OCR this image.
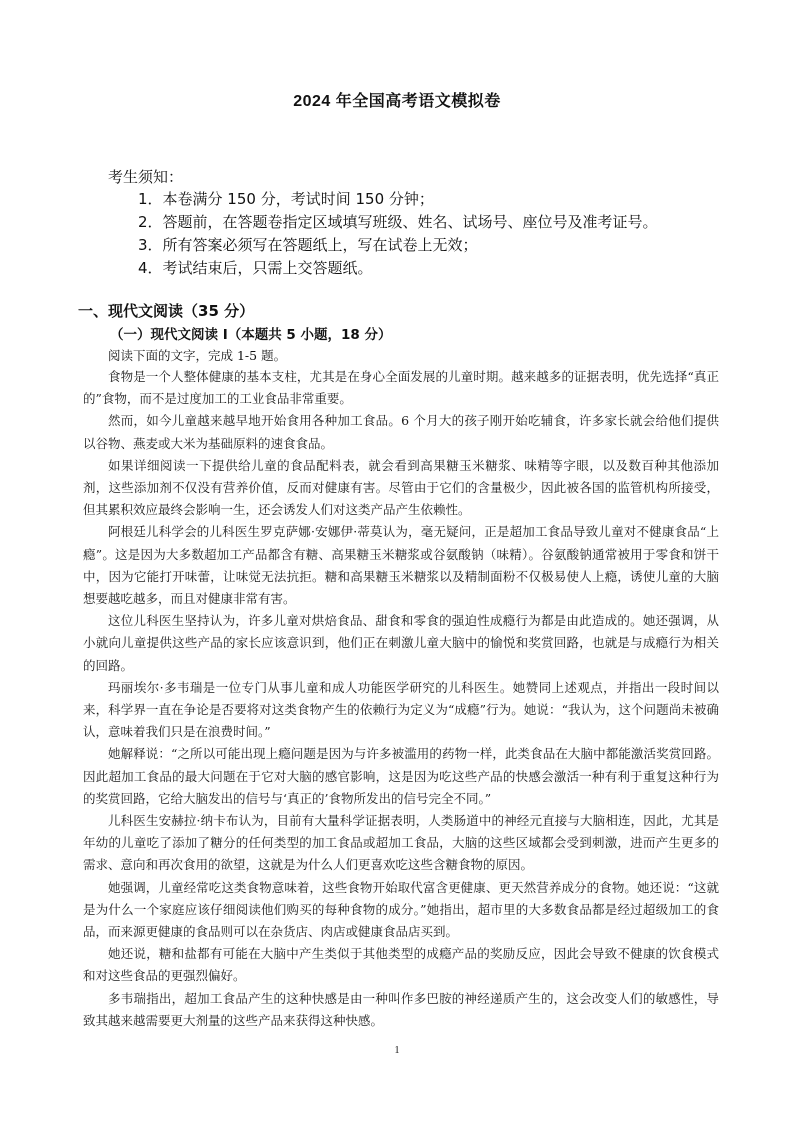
2024 年全国高考语文模拟卷
考生须知：
1．本卷满分 150 分，考试时间 150 分钟；
2．答题前，在答题卷指定区域填写班级、姓名、试场号、座位号及准考证号。
3．所有答案必须写在答题纸上，写在试卷上无效；
4．考试结束后，只需上交答题纸。
一、现代文阅读（35 分）
（一）现代文阅读 I（本题共 5 小题，18 分）
阅读下面的文字，完成 1-5 题。

食物是一个人整体健康的基本支柱，尤其是在身心全面发展的儿童时期。越来越多的证据表明，优先选择“真正的”食物，而不是过度加工的工业食品非常重要。

然而，如今儿童越来越早地开始食用各种加工食品。6 个月大的孩子刚开始吃辅食，许多家长就会给他们提供以谷物、燕麦或大米为基础原料的速食食品。

如果详细阅读一下提供给儿童的食品配料表，就会看到高果糖玉米糖浆、味精等字眼，以及数百种其他添加剂，这些添加剂不仅没有营养价值，反而对健康有害。尽管由于它们的含量极少，因此被各国的监管机构所接受，但其累积效应最终会影响一生，还会诱发人们对这类产品产生依赖性。

阿根廷儿科学会的儿科医生罗克萨娜·安娜伊·蒂莫认为，毫无疑问，正是超加工食品导致儿童对不健康食品“上瘾”。这是因为大多数超加工产品都含有糖、高果糖玉米糖浆或谷氨酸钠（味精）。谷氨酸钠通常被用于零食和饼干中，因为它能打开味蕾，让味觉无法抗拒。糖和高果糖玉米糖浆以及精制面粉不仅极易使人上瘾，诱使儿童的大脑想要越吃越多，而且对健康非常有害。

这位儿科医生坚持认为，许多儿童对烘焙食品、甜食和零食的强迫性成瘾行为都是由此造成的。她还强调，从小就向儿童提供这些产品的家长应该意识到，他们正在刺激儿童大脑中的愉悦和奖赏回路，也就是与成瘾行为相关的回路。

玛丽埃尔·多韦瑞是一位专门从事儿童和成人功能医学研究的儿科医生。她赞同上述观点，并指出一段时间以来，科学界一直在争论是否要将对这类食物产生的依赖行为定义为“成瘾”行为。她说：“我认为，这个问题尚未被确认，意味着我们只是在浪费时间。”

她解释说：“之所以可能出现上瘾问题是因为与许多被滥用的药物一样，此类食品在大脑中都能激活奖赏回路。因此超加工食品的最大问题在于它对大脑的感官影响，这是因为吃这些产品的快感会激活一种有利于重复这种行为的奖赏回路，它给大脑发出的信号与‘真正的’食物所发出的信号完全不同。”

儿科医生安赫拉·纳卡布认为，目前有大量科学证据表明，人类肠道中的神经元直接与大脑相连，因此，尤其是年幼的儿童吃了添加了糖分的任何类型的加工食品或超加工食品，大脑的这些区域都会受到刺激，进而产生更多的需求、意向和再次食用的欲望，这就是为什么人们更喜欢吃这些含糖食物的原因。

她强调，儿童经常吃这类食物意味着，这些食物开始取代富含更健康、更天然营养成分的食物。她还说：“这就是为什么一个家庭应该仔细阅读他们购买的每种食物的成分。”她指出，超市里的大多数食品都是经过超级加工的食品，而来源更健康的食品则可以在杂货店、肉店或健康食品店买到。

她还说，糖和盐都有可能在大脑中产生类似于其他类型的成瘾产品的奖励反应，因此会导致不健康的饮食模式和对这些食品的更强烈偏好。

多韦瑞指出，超加工食品产生的这种快感是由一种叫作多巴胺的神经递质产生的，这会改变人们的敏感性，导致其越来越需要更大剂量的这些产品来获得这种快感。

1
